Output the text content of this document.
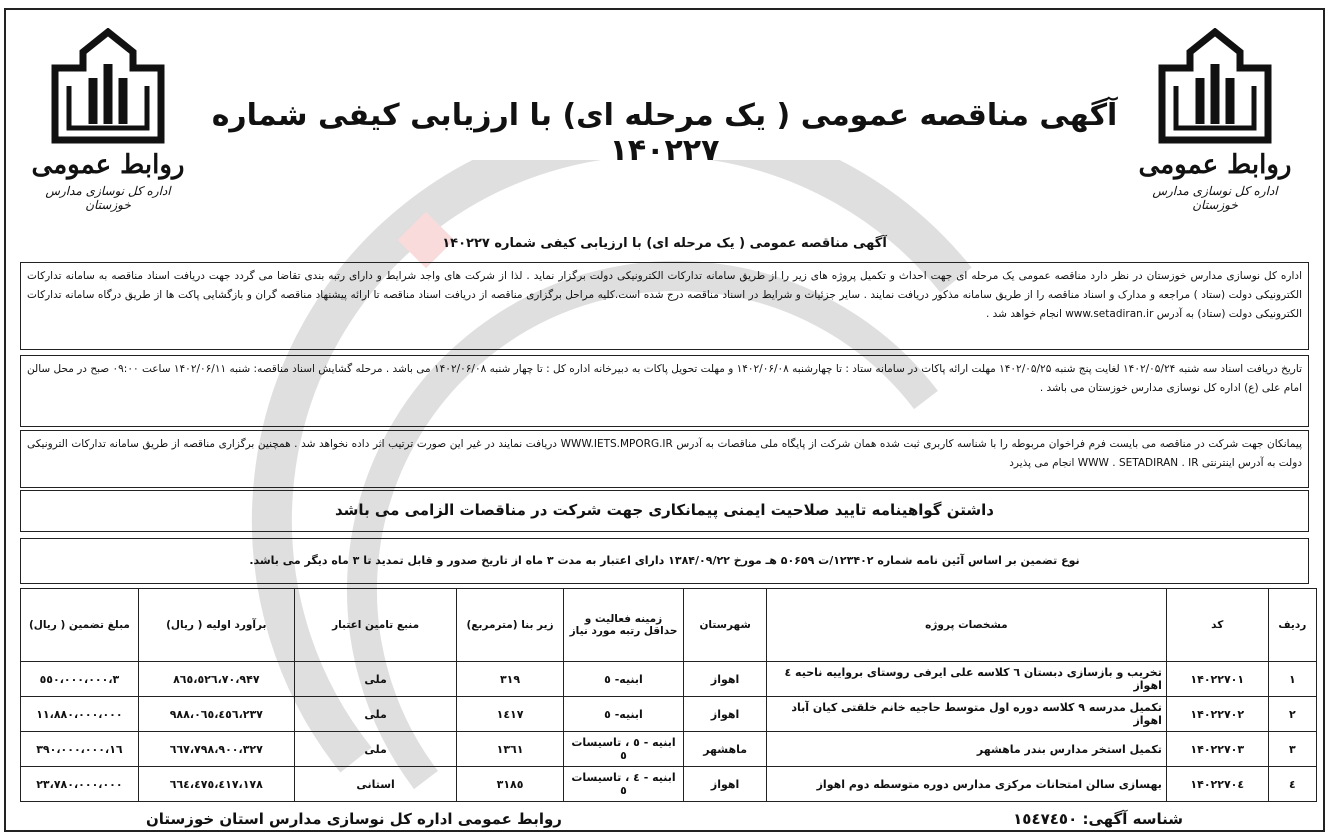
روابط عمومی
اداره کل نوسازی مدارس خوزستان
روابط عمومی
اداره کل نوسازی مدارس خوزستان
آگهی مناقصه عمومی ( یک مرحله ای) با ارزیابی کیفی شماره ۱۴۰۲۲۷
آگهی مناقصه عمومی ( یک مرحله ای) با ارزیابی کیفی شماره ۱۴۰۲۲۷
اداره کل نوسازی مدارس خوزستان در نظر دارد مناقصه عمومی یک مرحله ای جهت احداث و تکمیل پروژه های زیر را از طریق سامانه تدارکات الکترونیکی دولت برگزار نماید . لذا از شرکت های واجد شرایط و دارای رتبه بندی تقاضا می گردد جهت دریافت اسناد مناقصه به سامانه تدارکات الکترونیکی دولت (ستاد ) مراجعه و مدارک و اسناد مناقصه را از طریق سامانه مذکور دریافت نمایند . سایر جزئیات و شرایط در اسناد مناقصه درج شده است.کلیه مراحل برگزاری مناقصه از دریافت اسناد مناقصه تا ارائه پیشنهاد مناقصه گران و بازگشایی پاکت ها از طریق درگاه سامانه تدارکات الکترونیکی دولت (ستاد) به آدرس www.setadiran.ir انجام خواهد شد .
تاریخ دریافت اسناد سه شنبه ۱۴۰۲/۰۵/۲۴ لغایت پنج شنبه ۱۴۰۲/۰۵/۲۵ مهلت ارائه پاکات در سامانه ستاد : تا چهارشنبه ۱۴۰۲/۰۶/۰۸ و مهلت تحویل پاکات به دبیرخانه اداره کل : تا چهار شنبه ۱۴۰۲/۰۶/۰۸ می باشد . مرحله گشایش اسناد مناقصه: شنبه ۱۴۰۲/۰۶/۱۱ ساعت ۰۹:۰۰ صبح در محل سالن امام علی (ع) اداره کل نوسازی مدارس خوزستان می باشد .
پیمانکان جهت شرکت در مناقصه می بایست فرم فراخوان مربوطه را با شناسه کاربری ثبت شده همان شرکت از پایگاه ملی مناقصات به آدرس WWW.IETS.MPORG.IR دریافت نمایند در غیر این صورت ترتیب اثر داده نخواهد شد . همچنین برگزاری مناقصه از طریق سامانه تدارکات الترونیکی دولت به آدرس اینترنتی WWW . SETADIRAN . IR انجام می پذیرد
داشتن گواهینامه تایید صلاحیت ایمنی پیمانکاری جهت شرکت در مناقصات الزامی می باشد
نوع تضمین بر اساس آئین نامه شماره ۱۲۳۴۰۲/ت ۵۰۶۵۹ هـ مورخ ۱۳۸۴/۰۹/۲۲ دارای اعتبار به مدت ۳ ماه از تاریخ صدور و قابل تمدید تا ۳ ماه دیگر می باشد.
ردیف	کد	مشخصات پروژه	شهرستان	زمینه فعالیت و حداقل رتبه مورد نیاز	زیر بنا (مترمربع)	منبع تامین اعتبار	برآورد اولیه ( ریال)	مبلغ تضمین ( ریال)
۱	۱۴۰۲۲۷۰۱	تخریب و بازسازی دبستان ٦ کلاسه علی ایرفی روستای برواییه ناحیه ٤ اهواز	اهواز	ابنیه- ٥	۳۱۹	ملی	۷۰،۹۴۷،٥۲٦،۸٦٥	۳،٥٥۰،۰۰۰،۰۰۰
۲	۱۴۰۲۲۷۰۲	تکمیل مدرسه ۹ کلاسه دوره اول متوسط حاجیه خانم خلقتی کیان آباد اهواز	اهواز	ابنیه- ٥	۱٤۱۷	ملی	۲۳۷،٤٥٦،۰٦٥،۹۸۸	۱۱،۸۸۰،۰۰۰،۰۰۰
۳	۱۴۰۲۲۷۰۳	تکمیل استخر مدارس بندر ماهشهر	ماهشهر	ابنیه - ٥ ، تاسیسات ٥	۱۳٦۱	ملی	۳۲۷،٦٦۷،۷۹۸،۹۰۰	۱٦،۳۹۰،۰۰۰،۰۰۰
٤	۱۴۰۲۲۷۰٤	بهسازی سالن امتحانات مرکزی مدارس دوره متوسطه دوم اهواز	اهواز	ابنیه - ٤ ، تاسیسات ٥	۳۱۸٥	استانی	٤۷٥،٤۱۷،۱۷۸،٦٦٤	۲۳،۷۸۰،۰۰۰،۰۰۰
شناسه آگهی: ۱٥٤۷٤٥۰
روابط عمومی اداره کل نوسازی مدارس استان خوزستان
